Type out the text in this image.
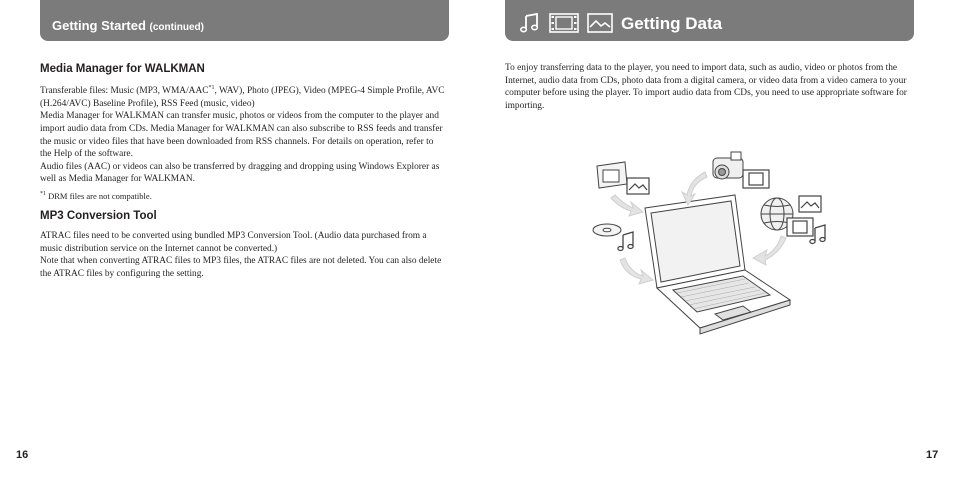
Getting Started (continued)	Getting Data
Media Manager for WALKMAN

Transferable files: Music (MP3, WMA/AAC$^{*1}$, WAV), Photo (JPEG), Video (MPEG-4 Simple Profile, AVC (H.264/AVC) Baseline Profile), RSS Feed (music, video)

Media Manager for WALKMAN can transfer music, photos or videos from the computer to the player and import audio data from CDs. Media Manager for WALKMAN can also subscribe to RSS feeds and transfer the music or video files that have been downloaded from RSS channels. For details on operation, refer to the Help of the software.

Audio files (AAC) or videos can also be transferred by dragging and dropping using Windows Explorer as well as Media Manager for WALKMAN.

$^{*1}$ DRM files are not compatible.

MP3 Conversion Tool

ATRAC files need to be converted using bundled MP3 Conversion Tool. (Audio data purchased from a music distribution service on the Internet cannot be converted.)

Note that when converting ATRAC files to MP3 files, the ATRAC files are not deleted. You can also delete the ATRAC files by configuring the setting.

To enjoy transferring data to the player, you need to import data, such as audio, video or photos from the Internet, audio data from CDs, photo data from a digital camera, or video data from a video camera to your computer before using the player. To import audio data from CDs, you need to use appropriate software for importing.

16	17
